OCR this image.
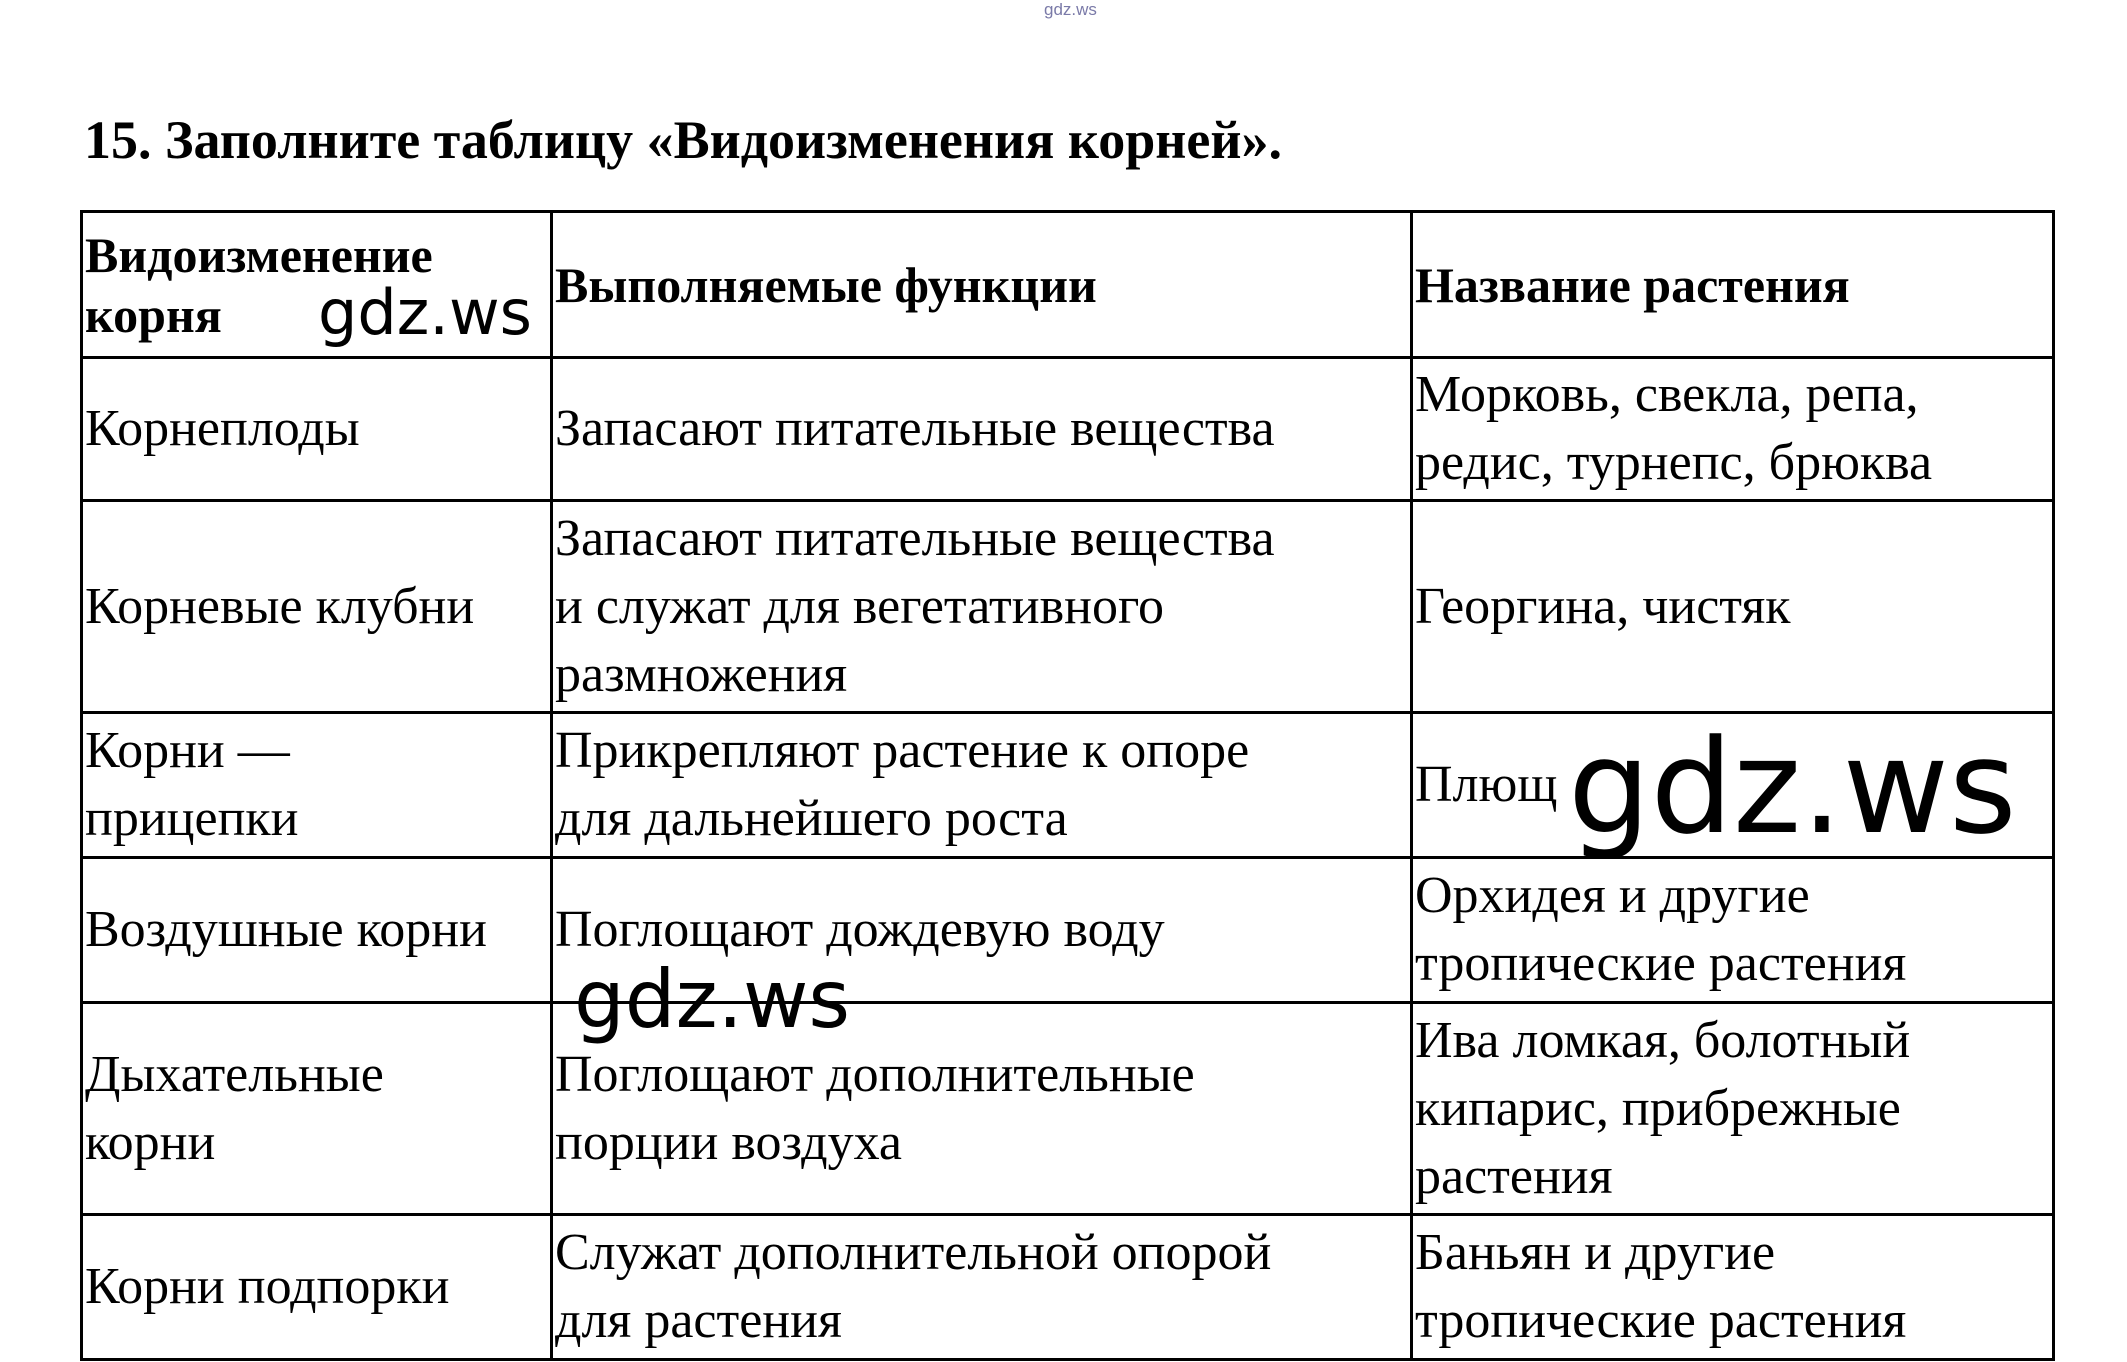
gdz.ws
15. Заполните таблицу «Видоизменения корней».
Видоизменение
корня	Выполняемые функции	Название растения
Корнеплоды	Запасают питательные вещества	Морковь, свекла, репа,
редис, турнепс, брюква
Корневые клубни	Запасают питательные вещества
и служат для вегетативного
размножения	Георгина, чистяк
Корни —
прицепки	Прикрепляют растение к опоре
для дальнейшего роста	Плющ
Воздушные корни	Поглощают дождевую воду	Орхидея и другие
тропические растения
Дыхательные
корни	Поглощают дополнительные
порции воздуха	Ива ломкая, болотный
кипарис, прибрежные
растения
Корни подпорки	Служат дополнительной опорой
для растения	Баньян и другие
тропические растения
gdz.ws
gdz.ws
gdz.ws
